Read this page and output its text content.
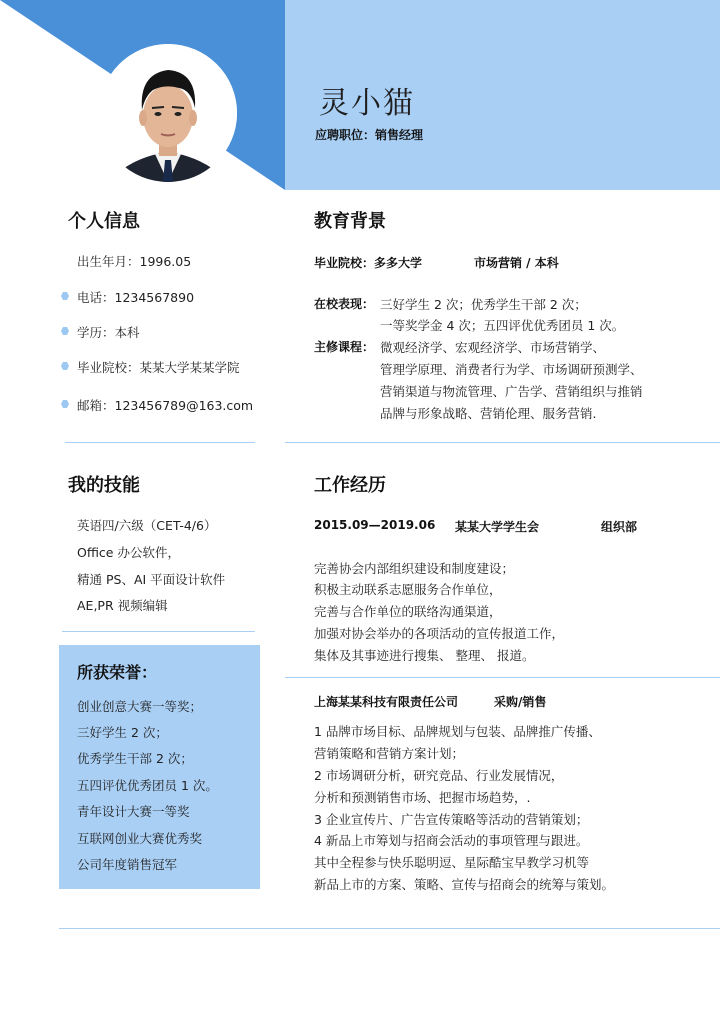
灵小猫
应聘职位：销售经理
个人信息
出生年月：1996.05
电话：1234567890
学历：本科
毕业院校：某某大学某某学院
邮箱：123456789@163.com
教育背景
毕业院校：多多大学	市场营销 / 本科
在校表现： 三好学生 2 次；优秀学生干部 2 次；
一等奖学金 4 次；五四评优优秀团员 1 次。
主修课程： 微观经济学、宏观经济学、市场营销学、
管理学原理、消费者行为学、市场调研预测学、
营销渠道与物流管理、广告学、营销组织与推销
品牌与形象战略、营销伦理、服务营销.
我的技能
英语四/六级（CET-4/6）
Office 办公软件，
精通 PS、AI 平面设计软件
AE,PR 视频编辑
所获荣誉：
创业创意大赛一等奖；
三好学生 2 次；
优秀学生干部 2 次；
五四评优优秀团员 1 次。
青年设计大赛一等奖
互联网创业大赛优秀奖
公司年度销售冠军
工作经历
2015.09—2019.06 某某大学学生会	组织部
完善协会内部组织建设和制度建设；
积极主动联系志愿服务合作单位，
完善与合作单位的联络沟通渠道，
加强对协会举办的各项活动的宣传报道工作，
集体及其事迹进行搜集、 整理、 报道。
上海某某科技有限责任公司	采购/销售
1 品牌市场目标、品牌规划与包装、品牌推广传播、
营销策略和营销方案计划；
2 市场调研分析，研究竞品、行业发展情况，
分析和预测销售市场、把握市场趋势，.
3 企业宣传片、广告宣传策略等活动的营销策划；
4 新品上市筹划与招商会活动的事项管理与跟进。
其中全程参与快乐聪明逗、星际酷宝早教学习机等
新品上市的方案、策略、宣传与招商会的统筹与策划。
